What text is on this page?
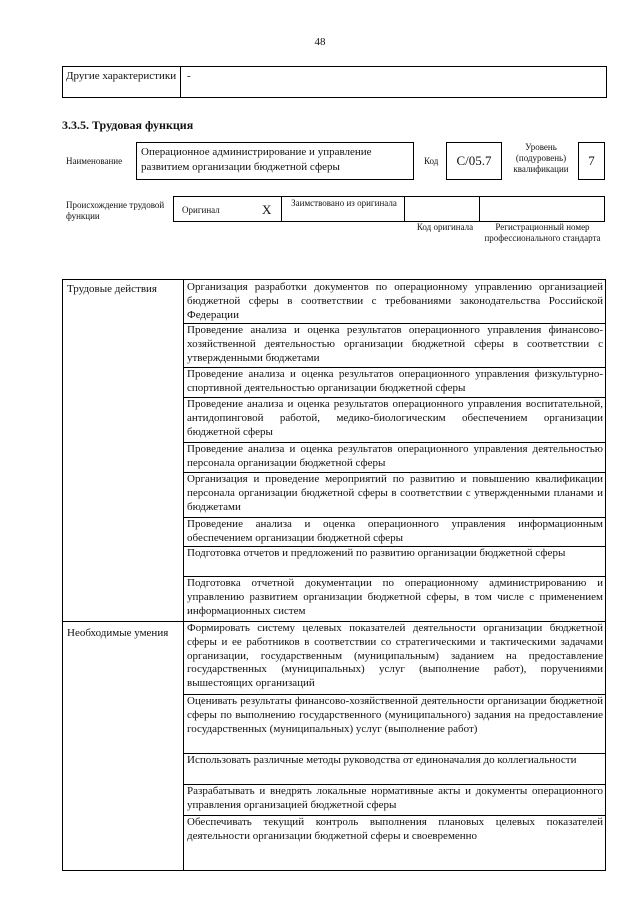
48
Другие характеристики -
3.3.5. Трудовая функция
Наименование
Операционное администрирование и управление развитием организации бюджетной сферы	Код	C/05.7
Уровень (подуровень) квалификации
7
Происхождение трудовой функции
Оригинал	X	Заимствовано из оригинала
Код оригинала	Регистрационный номер профессионального стандарта
Трудовые действия	Организация разработки документов по операционному управлению организацией бюджетной сферы в соответствии с требованиями законодательства Российской Федерации
Проведение анализа и оценка результатов операционного управления финансово-хозяйственной деятельностью организации бюджетной сферы в соответствии с утвержденными бюджетами
Проведение анализа и оценка результатов операционного управления физкультурно-спортивной деятельностью организации бюджетной сферы
Проведение анализа и оценка результатов операционного управления воспитательной, антидопинговой работой, медико-биологическим обеспечением организации бюджетной сферы
Проведение анализа и оценка результатов операционного управления деятельностью персонала организации бюджетной сферы
Организация и проведение мероприятий по развитию и повышению квалификации персонала организации бюджетной сферы в соответствии с утвержденными планами и бюджетами
Проведение анализа и оценка операционного управления информационным обеспечением организации бюджетной сферы
Подготовка отчетов и предложений по развитию организации бюджетной сферы
Подготовка отчетной документации по операционному администрированию и управлению развитием организации бюджетной сферы, в том числе с применением информационных систем
Необходимые умения Формировать систему целевых показателей деятельности организации бюджетной сферы и ее работников в соответствии со стратегическими и тактическими задачами организации, государственным (муниципальным) заданием на предоставление государственных (муниципальных) услуг (выполнение работ), поручениями вышестоящих организаций
Оценивать результаты финансово-хозяйственной деятельности организации бюджетной сферы по выполнению государственного (муниципального) задания на предоставление государственных (муниципальных) услуг (выполнение работ)
Использовать различные методы руководства от единоначалия до коллегиальности
Разрабатывать и внедрять локальные нормативные акты и документы операционного управления организацией бюджетной сферы
Обеспечивать текущий контроль выполнения плановых целевых показателей деятельности организации бюджетной сферы и своевременно
